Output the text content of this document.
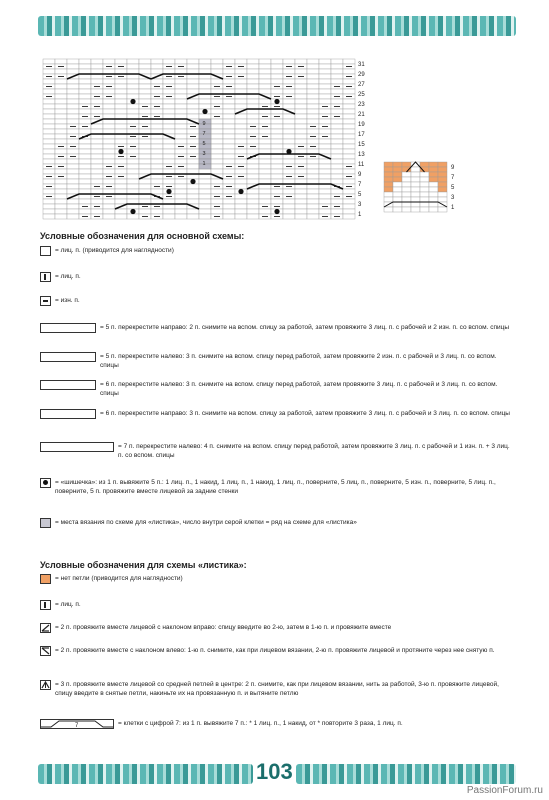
9
7
5
3
1
31
29
27
25
23
21
19
17
15
13
11
9
7
5
3
1
9
7
5
3
1
Условные обозначения для основной схемы:
= лиц. п. (приводится для наглядности)
= лиц. п.
= изн. п.
= 5 п. перекрестите направо: 2 п. снимите на вспом. спицу за работой, затем провяжите 3 лиц. п. с рабочей и 2 изн. п. со вспом. спицы
= 5 п. перекрестите налево: 3 п. снимите на вспом. спицу перед работой, затем провяжите 2 изн. п. с рабочей и 3 лиц. п. со вспом. спицы
= 6 п. перекрестите налево: 3 п. снимите на вспом. спицу перед работой, затем провяжите 3 лиц. п. с рабочей и 3 лиц. п. со вспом. спицы
= 6 п. перекрестите направо: 3 п. снимите на вспом. спицу за работой, затем провяжите 3 лиц. п. с рабочей и 3 лиц. п. со вспом. спицы
= 7 п. перекрестите налево: 4 п. снимите на вспом. спицу перед работой, затем провяжите 3 лиц. п. с рабочей и 1 изн. п. + 3 лиц. п. со вспом. спицы
= «шишечка»: из 1 п. вывяжите 5 п.: 1 лиц. п., 1 накид, 1 лиц. п., 1 накид, 1 лиц. п., поверните, 5 лиц. п., поверните, 5 изн. п., поверните, 5 лиц. п., поверните, 5 п. провяжите вместе лицевой за задние стенки
= места вязания по схеме для «листика», число внутри серой клетки = ряд на схеме для «листика»
Условные обозначения для схемы «листика»:
= нет петли (приводится для наглядности)
= лиц. п.
= 2 п. провяжите вместе лицевой с наклоном вправо: спицу введите во 2-ю, затем в 1-ю п. и провяжите вместе
= 2 п. провяжите вместе с наклоном влево: 1-ю п. снимите, как при лицевом вязании, 2-ю п. провяжите лицевой и протяните через нее снятую п.
= 3 п. провяжите вместе лицевой со средней петлей в центре: 2 п. снимите, как при лицевом вязании, нить за работой, 3-ю п. провяжите лицевой, спицу введите в снятые петли, накиньте их на провязанную п. и вытяните петлю
7	= клетки с цифрой 7: из 1 п. вывяжите 7 п.: * 1 лиц. п., 1 накид, от * повторите 3 раза, 1 лиц. п.
103
PassionForum.ru
